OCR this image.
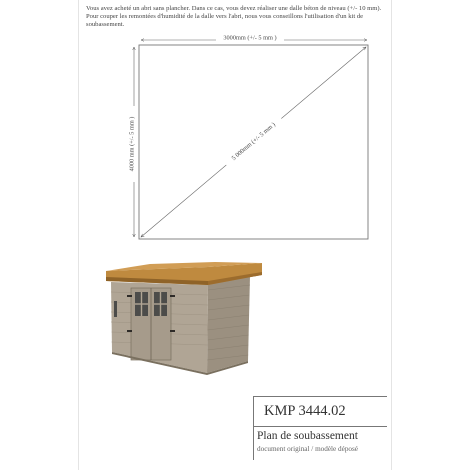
Vous avez acheté un abri sans plancher. Dans ce cas, vous devez réaliser une dalle béton de niveau (+/- 10 mm). Pour couper les remontées d'humidité de la dalle vers l'abri, nous vous conseillons l'utilisation d'un kit de soubassement.

3000mm (+/- 5 mm )
4000 mm (+/- 5 mm )	5 000mm (+/- 5 mm )
KMP 3444.02
Plan de soubassement
document original / modèle déposé
